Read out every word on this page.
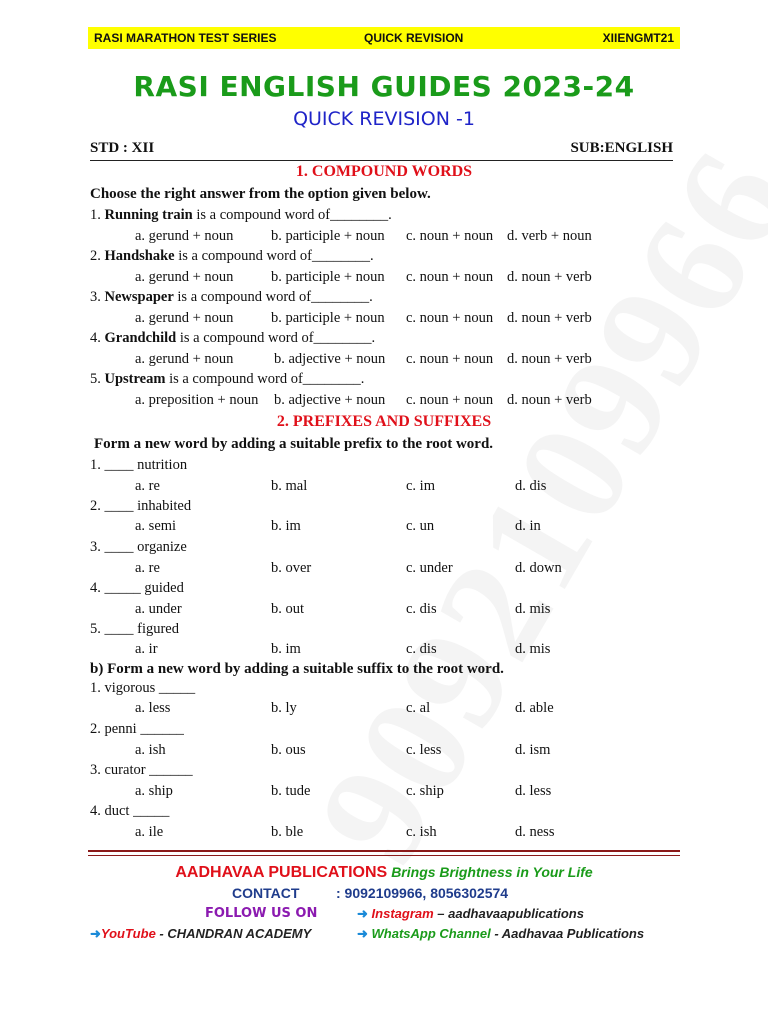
RASI MARATHON TEST SERIES	QUICK REVISION	XIIENGMT21
RASI ENGLISH GUIDES 2023-24
QUICK REVISION -1
STD : XII	SUB:ENGLISH
1. COMPOUND WORDS
Choose the right answer from the option given below.
1. Running train is a compound word of________.
a. gerund + noun	b. participle + noun c. noun + noun d. verb + noun
2. Handshake is a compound word of________.
a. gerund + noun	b. participle + noun c. noun + noun d. noun + verb
3. Newspaper is a compound word of________.
a. gerund + noun	b. participle + noun c. noun + noun d. noun + verb
4. Grandchild is a compound word of________.
a. gerund + noun	b. adjective + noun c. noun + noun d. noun + verb
5. Upstream is a compound word of________.
a. preposition + noun b. adjective + noun c. noun + noun d. noun + verb
2. PREFIXES AND SUFFIXES
Form a new word by adding a suitable prefix to the root word.
1. ____ nutrition
a. re	b. mal	c. im	d. dis
2. ____ inhabited
a. semi	b. im	c. un	d. in
3. ____ organize
a. re	b. over	c. under	d. down
4. _____ guided
a. under	b. out	c. dis	d. mis
5. ____ figured
a. ir	b. im	c. dis	d. mis
b) Form a new word by adding a suitable suffix to the root word.
1. vigorous _____
a. less	b. ly	c. al	d. able
2. penni ______
a. ish	b. ous	c. less	d. ism
3. curator ______
a. ship	b. tude	c. ship	d. less
4. duct _____
a. ile	b. ble	c. ish	d. ness
AADHAVAA PUBLICATIONS Brings Brightness in Your Life
CONTACT	: 9092109966, 8056302574
FOLLOW US ON	➜ Instagram – aadhavaapublications
➜YouTube - CHANDRAN ACADEMY	➜ WhatsApp Channel - Aadhavaa Publications
